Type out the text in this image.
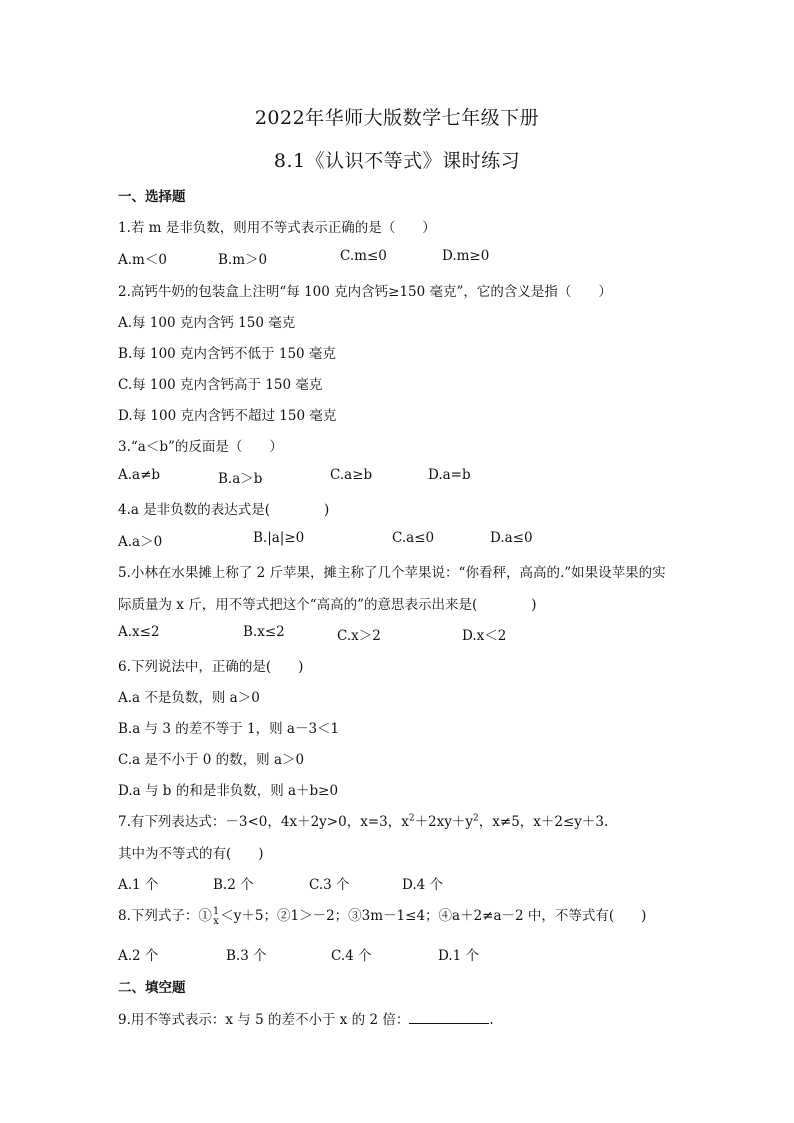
2022年华师大版数学七年级下册
8.1《认识不等式》课时练习
一、选择题
1.若 m 是非负数，则用不等式表示正确的是（　　）
A.m＜0	B.m＞0	C.m≤0	D.m≥0
2.高钙牛奶的包装盒上注明“每 100 克内含钙≥150 毫克”，它的含义是指（　　）
A.每 100 克内含钙 150 毫克
B.每 100 克内含钙不低于 150 毫克
C.每 100 克内含钙高于 150 毫克
D.每 100 克内含钙不超过 150 毫克
3.“a＜b”的反面是（　　）
A.a≠b	B.a＞b	C.a≥b	D.a=b
4.a 是非负数的表达式是(　　　　)
A.a＞0	B.|a|≥0	C.a≤0	D.a≤0
5.小林在水果摊上称了 2 斤苹果，摊主称了几个苹果说：“你看秤，高高的.”如果设苹果的实
际质量为 x 斤，用不等式把这个“高高的”的意思表示出来是(　　　　)
A.x≤2	B.x≤2	C.x＞2	D.x＜2
6.下列说法中，正确的是(　　)
A.a 不是负数，则 a＞0
B.a 与 3 的差不等于 1，则 a－3＜1
C.a 是不小于 0 的数，则 a＞0
D.a 与 b 的和是非负数，则 a＋b≥0
7.有下列表达式：－3<0，4x＋2y>0，x=3，$x^2+2xy+y^2$，x≠5，x＋2≤y＋3.
其中为不等式的有(　　)
A.1 个	B.2 个	C.3 个	D.4 个
8.下列式子：① 1
x ＜y＋5；②1＞－2；③3m－1≤4；④a＋2≠a－2 中，不等式有(　　)
A.2 个	B.3 个	C.4 个	D.1 个
二、填空题
9.用不等式表示：x 与 5 的差不小于 x 的 2 倍：	.
